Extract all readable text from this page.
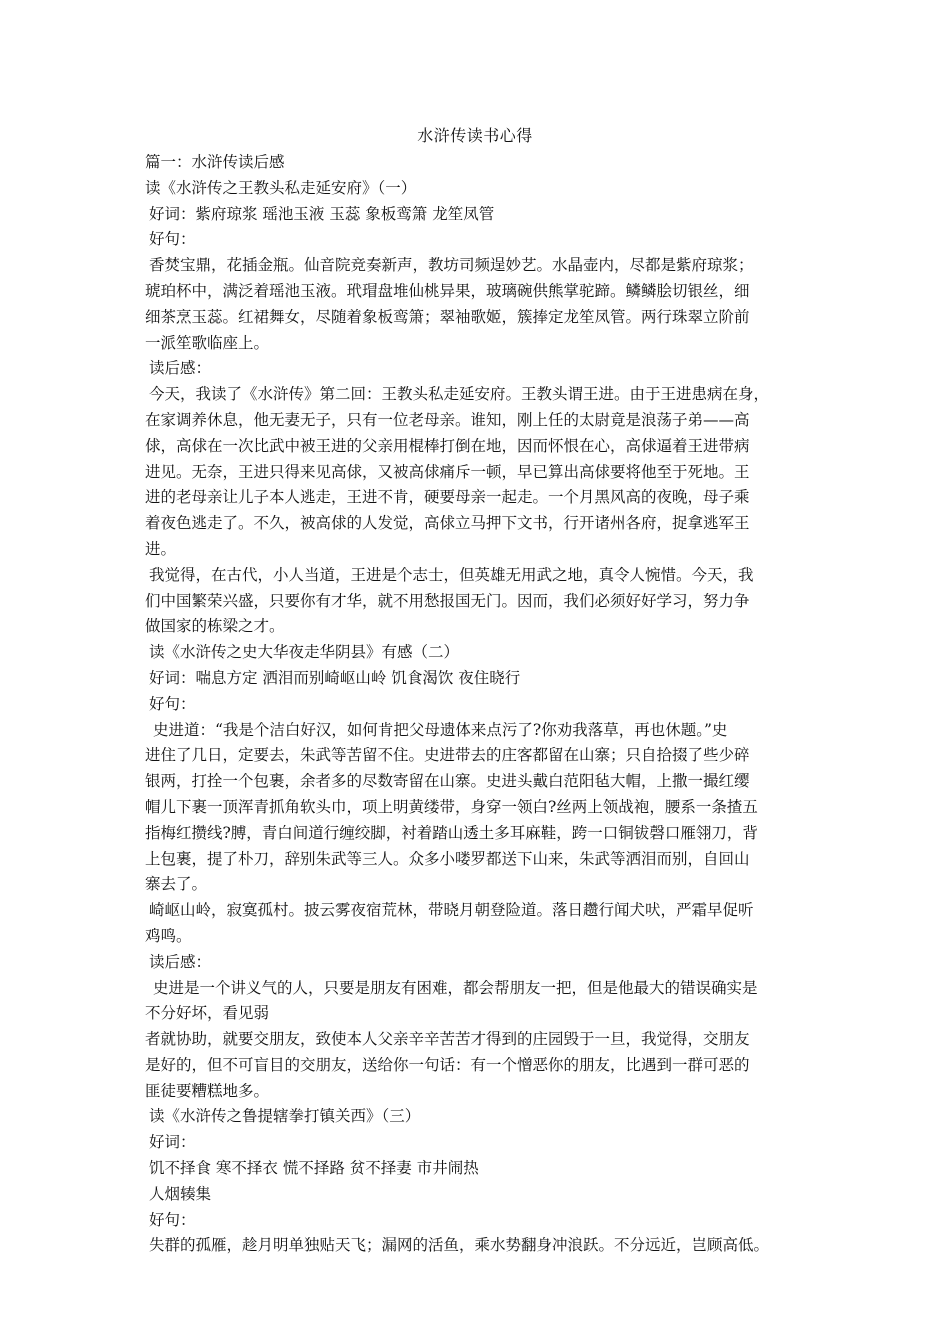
水浒传读书心得
篇一：水浒传读后感
读《水浒传之王教头私走延安府》（一）
好词：紫府琼浆 瑶池玉液 玉蕊 象板鸾箫 龙笙凤管
好句：
香焚宝鼎，花插金瓶。仙音院竞奏新声，教坊司频逞妙艺。水晶壶内，尽都是紫府琼浆；
琥珀杯中，满泛着瑶池玉液。玳瑁盘堆仙桃异果，玻璃碗供熊掌驼蹄。鳞鳞脍切银丝，细
细茶烹玉蕊。红裙舞女，尽随着象板鸾箫；翠袖歌姬，簇捧定龙笙凤管。两行珠翠立阶前
一派笙歌临座上。
读后感：
今天，我读了《水浒传》第二回：王教头私走延安府。王教头谓王进。由于王进患病在身，
在家调养休息，他无妻无子，只有一位老母亲。谁知，刚上任的太尉竟是浪荡子弟——高
俅，高俅在一次比武中被王进的父亲用棍棒打倒在地，因而怀恨在心，高俅逼着王进带病
进见。无奈，王进只得来见高俅，又被高俅痛斥一顿，早已算出高俅要将他至于死地。王
进的老母亲让儿子本人逃走，王进不肯，硬要母亲一起走。一个月黑风高的夜晚，母子乘
着夜色逃走了。不久，被高俅的人发觉，高俅立马押下文书，行开诸州各府，捉拿逃军王
进。
我觉得，在古代，小人当道，王进是个志士，但英雄无用武之地，真令人惋惜。今天，我
们中国繁荣兴盛，只要你有才华，就不用愁报国无门。因而，我们必须好好学习，努力争
做国家的栋梁之才。
读《水浒传之史大华夜走华阴县》有感（二）
好词：喘息方定 洒泪而别崎岖山岭 饥食渴饮 夜住晓行
好句：
史进道：“我是个洁白好汉，如何肯把父母遗体来点污了?你劝我落草，再也休题。”史
进住了几日，定要去，朱武等苦留不住。史进带去的庄客都留在山寨；只自拾掇了些少碎
银两，打拴一个包裹，余者多的尽数寄留在山寨。史进头戴白范阳毡大帽，上撒一撮红缨
帽儿下裹一顶浑青抓角软头巾，项上明黄缕带，身穿一领白?丝两上领战袍，腰系一条揸五
指梅红攒线?膊，青白间道行缠绞脚，衬着踏山透土多耳麻鞋，跨一口铜钹磬口雁翎刀，背
上包裹，提了朴刀，辞别朱武等三人。众多小喽罗都送下山来，朱武等洒泪而别，自回山
寨去了。
崎岖山岭，寂寞孤村。披云雾夜宿荒林，带晓月朝登险道。落日趱行闻犬吠，严霜早促听
鸡鸣。
读后感：
史进是一个讲义气的人，只要是朋友有困难，都会帮朋友一把，但是他最大的错误确实是
不分好坏，看见弱
者就协助，就要交朋友，致使本人父亲辛辛苦苦才得到的庄园毁于一旦，我觉得，交朋友
是好的，但不可盲目的交朋友，送给你一句话：有一个憎恶你的朋友，比遇到一群可恶的
匪徒要糟糕地多。
读《水浒传之鲁提辖拳打镇关西》（三）
好词：
饥不择食 寒不择衣 慌不择路 贫不择妻 市井闹热
人烟辏集
好句：
失群的孤雁，趁月明单独贴天飞；漏网的活鱼，乘水势翻身冲浪跃。不分远近，岂顾高低。
